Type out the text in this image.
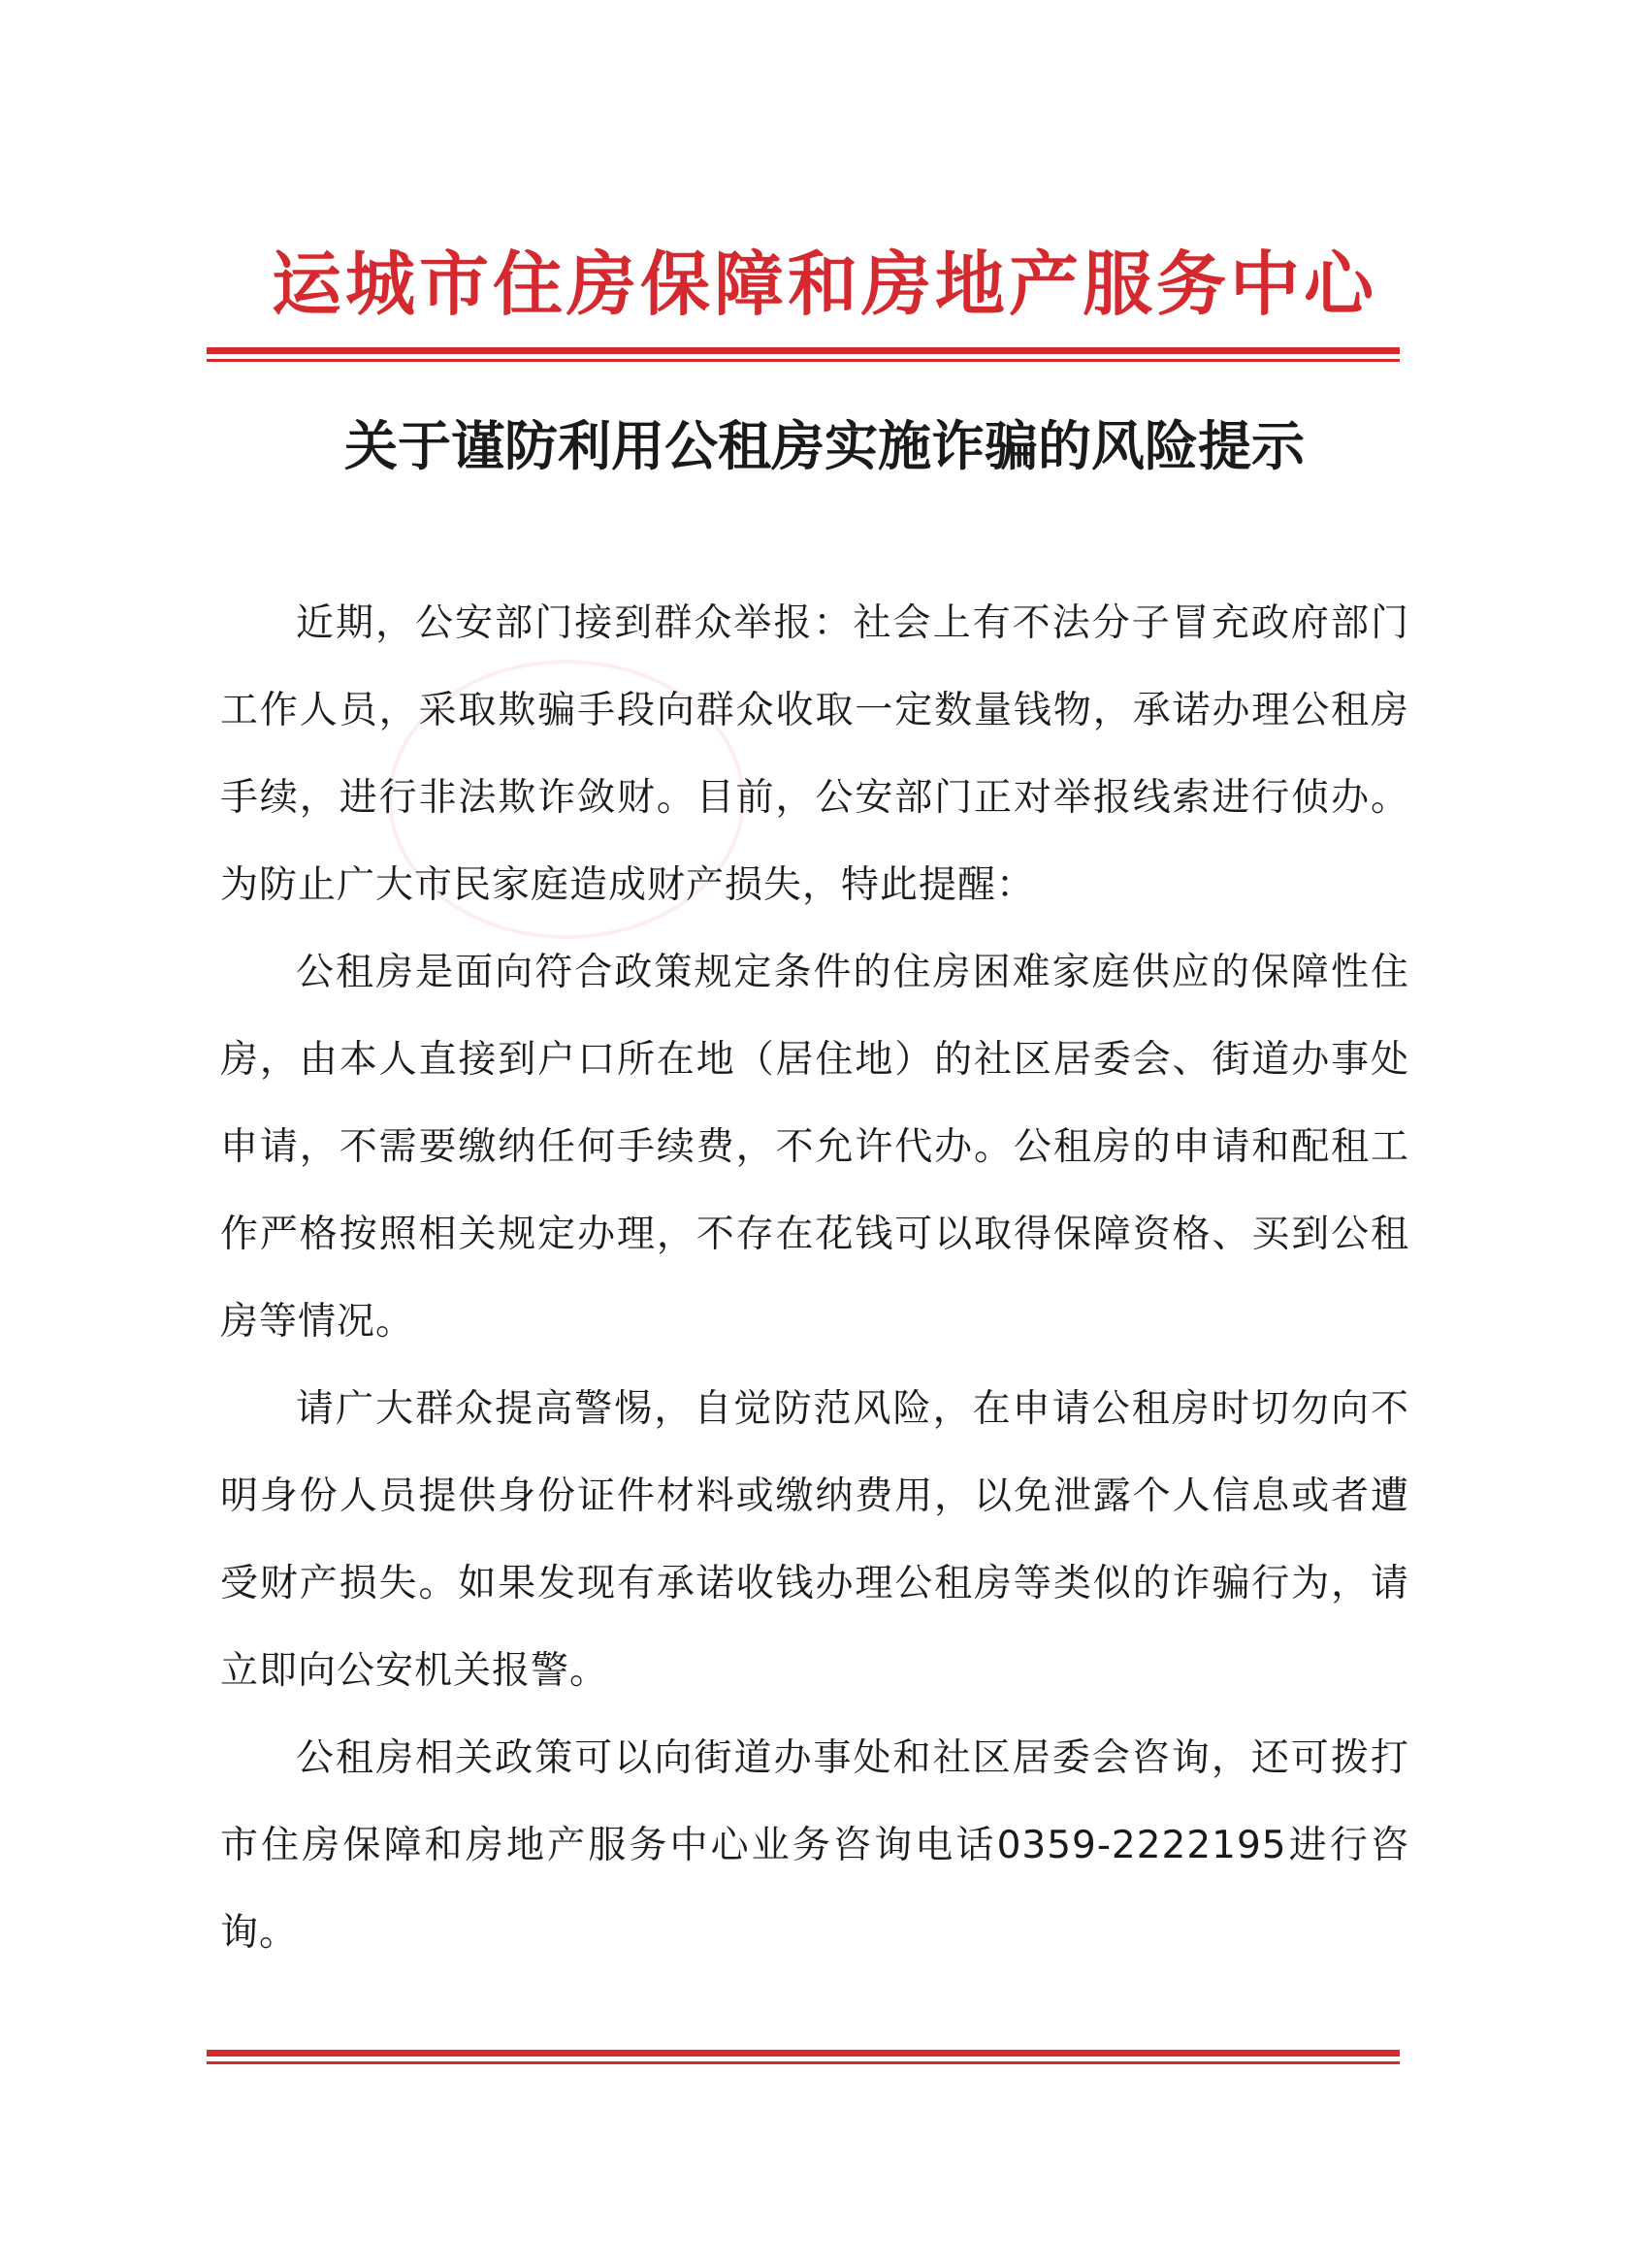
运城市住房保障和房地产服务中心
关于谨防利用公租房实施诈骗的风险提示

近期，公安部门接到群众举报：社会上有不法分子冒充政府部门工作人员，采取欺骗手段向群众收取一定数量钱物，承诺办理公租房手续，进行非法欺诈敛财。目前，公安部门正对举报线索进行侦办。为防止广大市民家庭造成财产损失，特此提醒：

公租房是面向符合政策规定条件的住房困难家庭供应的保障性住房，由本人直接到户口所在地（居住地）的社区居委会、街道办事处申请，不需要缴纳任何手续费，不允许代办。公租房的申请和配租工作严格按照相关规定办理，不存在花钱可以取得保障资格、买到公租房等情况。

请广大群众提高警惕，自觉防范风险，在申请公租房时切勿向不明身份人员提供身份证件材料或缴纳费用，以免泄露个人信息或者遭受财产损失。如果发现有承诺收钱办理公租房等类似的诈骗行为，请立即向公安机关报警。

公租房相关政策可以向街道办事处和社区居委会咨询，还可拨打市住房保障和房地产服务中心业务咨询电话0359-2222195进行咨询。
